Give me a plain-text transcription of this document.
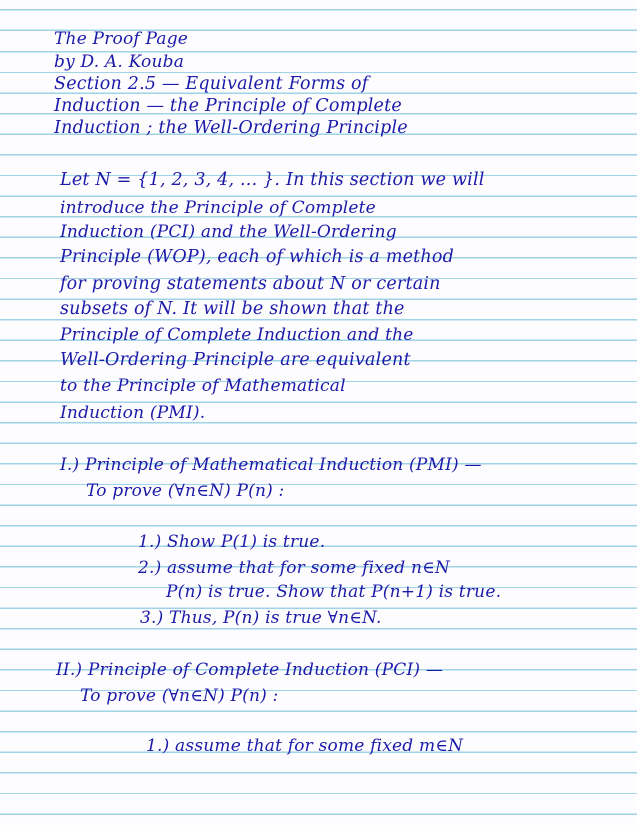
The Proof Page

by D. A. Kouba

Section 2.5 — Equivalent Forms of

Induction — the Principle of Complete

Induction ; the Well-Ordering Principle

Let N = {1, 2, 3, 4, ... }. In this section we will

introduce the Principle of Complete

Induction (PCI) and the Well-Ordering

Principle (WOP), each of which is a method

for proving statements about N or certain

subsets of N. It will be shown that the

Principle of Complete Induction and the

Well-Ordering Principle are equivalent

to the Principle of Mathematical

Induction (PMI).

I.) Principle of Mathematical Induction (PMI) —

To prove (∀n∈N) P(n) :

1.) Show P(1) is true.

2.) assume that for some fixed n∈N

P(n) is true. Show that P(n+1) is true.

3.) Thus, P(n) is true ∀n∈N.

II.) Principle of Complete Induction (PCI) —

To prove (∀n∈N) P(n) :

1.) assume that for some fixed m∈N
